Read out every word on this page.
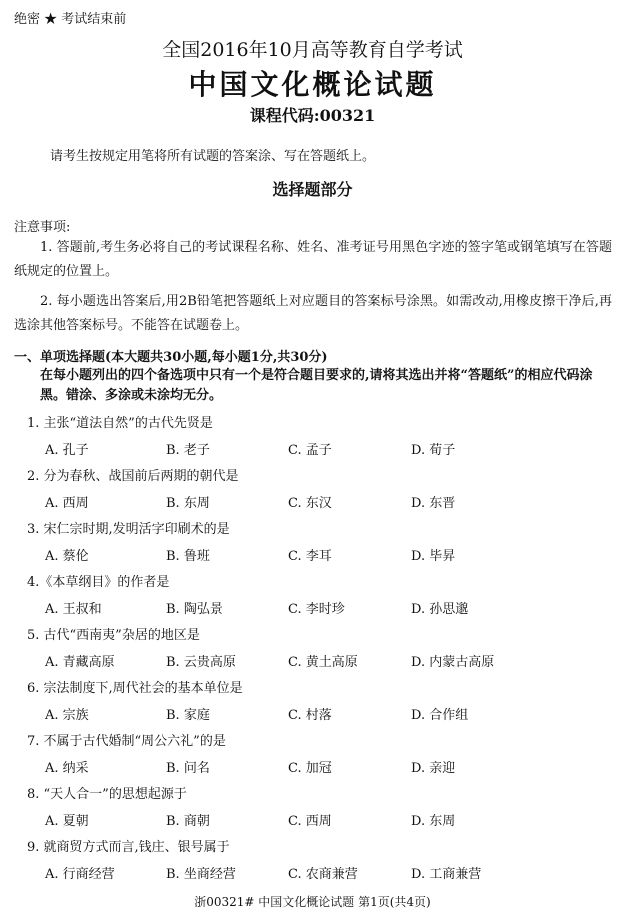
绝密 ★ 考试结束前
全国2016年10月高等教育自学考试
中国文化概论试题
课程代码:00321
请考生按规定用笔将所有试题的答案涂、写在答题纸上。
选择题部分
注意事项:
1. 答题前,考生务必将自己的考试课程名称、姓名、准考证号用黑色字迹的签字笔或钢笔填写在答题纸规定的位置上。
2. 每小题选出答案后,用2B铅笔把答题纸上对应题目的答案标号涂黑。如需改动,用橡皮擦干净后,再选涂其他答案标号。不能答在试题卷上。
一、单项选择题(本大题共30小题,每小题1分,共30分)
在每小题列出的四个备选项中只有一个是符合题目要求的,请将其选出并将“答题纸”的相应代码涂黑。错涂、多涂或未涂均无分。
1. 主张“道法自然”的古代先贤是
A. 孔子	B. 老子	C. 孟子	D. 荀子
2. 分为春秋、战国前后两期的朝代是
A. 西周	B. 东周	C. 东汉	D. 东晋
3. 宋仁宗时期,发明活字印刷术的是
A. 蔡伦	B. 鲁班	C. 李耳	D. 毕昇
4.《本草纲目》的作者是
A. 王叔和	B. 陶弘景	C. 李时珍	D. 孙思邈
5. 古代“西南夷”杂居的地区是
A. 青藏高原	B. 云贵高原	C. 黄土高原	D. 内蒙古高原
6. 宗法制度下,周代社会的基本单位是
A. 宗族	B. 家庭	C. 村落	D. 合作组
7. 不属于古代婚制“周公六礼”的是
A. 纳采	B. 问名	C. 加冠	D. 亲迎
8. “天人合一”的思想起源于
A. 夏朝	B. 商朝	C. 西周	D. 东周
9. 就商贸方式而言,钱庄、银号属于
A. 行商经营	B. 坐商经营	C. 农商兼营	D. 工商兼营
浙00321# 中国文化概论试题 第1页(共4页)
